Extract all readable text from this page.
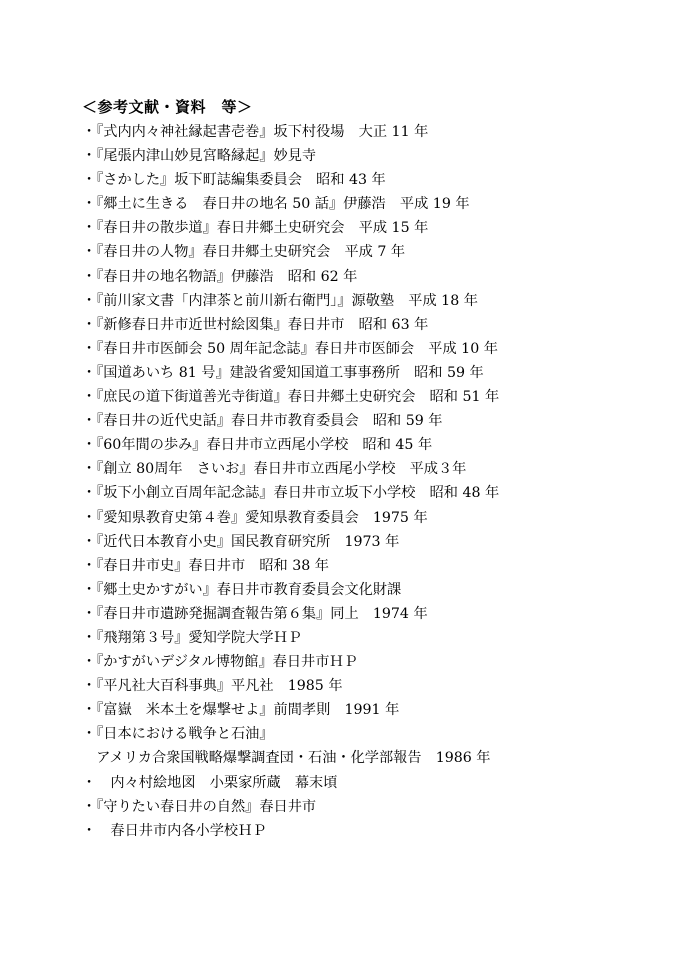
＜参考文献・資料　等＞
・『式内内々神社縁起書壱巻』坂下村役場　大正 11 年
・『尾張内津山妙見宮略縁起』妙見寺
・『さかした』坂下町誌編集委員会　昭和 43 年
・『郷土に生きる　春日井の地名 50 話』伊藤浩　平成 19 年
・『春日井の散歩道』春日井郷土史研究会　平成 15 年
・『春日井の人物』春日井郷土史研究会　平成 7 年
・『春日井の地名物語』伊藤浩　昭和 62 年
・『前川家文書「内津茶と前川新右衛門」』源敬塾　平成 18 年
・『新修春日井市近世村絵図集』春日井市　昭和 63 年
・『春日井市医師会 50 周年記念誌』春日井市医師会　平成 10 年
・『国道あいち 81 号』建設省愛知国道工事事務所　昭和 59 年
・『庶民の道下街道善光寺街道』春日井郷土史研究会　昭和 51 年
・『春日井の近代史話』春日井市教育委員会　昭和 59 年
・『60年間の歩み』春日井市立西尾小学校　昭和 45 年
・『創立 80周年　さいお』春日井市立西尾小学校　平成３年
・『坂下小創立百周年記念誌』春日井市立坂下小学校　昭和 48 年
・『愛知県教育史第４巻』愛知県教育委員会　1975 年
・『近代日本教育小史』国民教育研究所　1973 年
・『春日井市史』春日井市　昭和 38 年
・『郷土史かすがい』春日井市教育委員会文化財課
・『春日井市遺跡発掘調査報告第６集』同上　1974 年
・『飛翔第３号』愛知学院大学ＨＰ
・『かすがいデジタル博物館』春日井市ＨＰ
・『平凡社大百科事典』平凡社　1985 年
・『富嶽　米本土を爆撃せよ』前間孝則　1991 年
・『日本における戦争と石油』
　アメリカ合衆国戦略爆撃調査団・石油・化学部報告　1986 年
・　内々村絵地図　小栗家所蔵　幕末頃
・『守りたい春日井の自然』春日井市
・　春日井市内各小学校ＨＰ
